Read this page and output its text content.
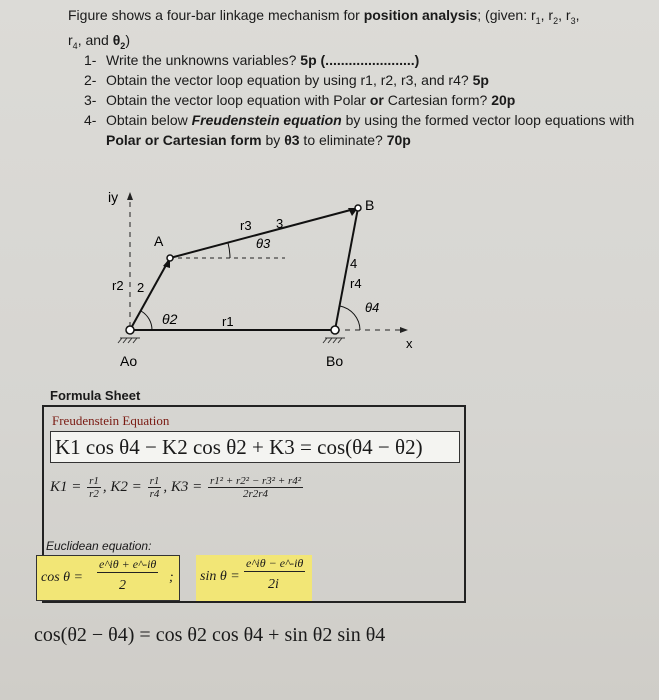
Figure shows a four-bar linkage mechanism for position analysis; (given: $r_1$, $r_2$, $r_3$,
$r_4$, and $\theta_2$)
1- Write the unknowns variables? 5p (.......................)
2- Obtain the vector loop equation by using r1, r2, r3, and r4? 5p
3- Obtain the vector loop equation with Polar or Cartesian form? 20p
4- Obtain below Freudenstein equation by using the formed vector loop equations with Polar or Cartesian form by θ3 to eliminate? 70p
iy
x
A
B
r3 3
θ3
r2 2
θ2	r1
4
r4
θ4
Ao	Bo
Formula Sheet
Freudenstein Equation
K1 cos θ4 − K2 cos θ2 + K3 = cos(θ4 − θ2)
$K1 = \frac{r1}{r2}$ , $K2 = \frac{r1}{r4}$ , $K3 = \frac{\text{r1² + r2² − r3² + r4²}}{2r2r4}$
Euclidean equation:
cos θ =
e^iθ + e^-iθ
2
; sin θ =
e^iθ − e^-iθ
2i
cos(θ2 − θ4) = cos θ2 cos θ4 + sin θ2 sin θ4
